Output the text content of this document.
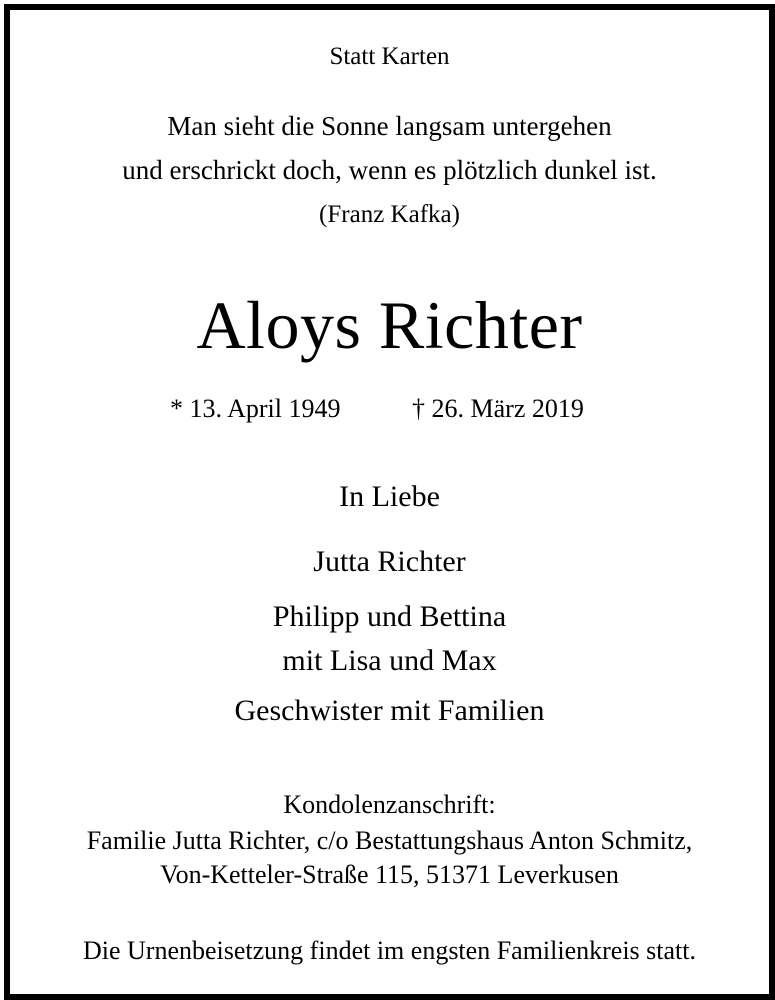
Statt Karten
Man sieht die Sonne langsam untergehen
und erschrickt doch, wenn es plötzlich dunkel ist.
(Franz Kafka)
Aloys Richter
* 13. April 1949	† 26. März 2019
In Liebe
Jutta Richter
Philipp und Bettina
mit Lisa und Max
Geschwister mit Familien
Kondolenzanschrift:
Familie Jutta Richter, c/o Bestattungshaus Anton Schmitz,
Von-Ketteler-Straße 115, 51371 Leverkusen
Die Urnenbeisetzung findet im engsten Familienkreis statt.
